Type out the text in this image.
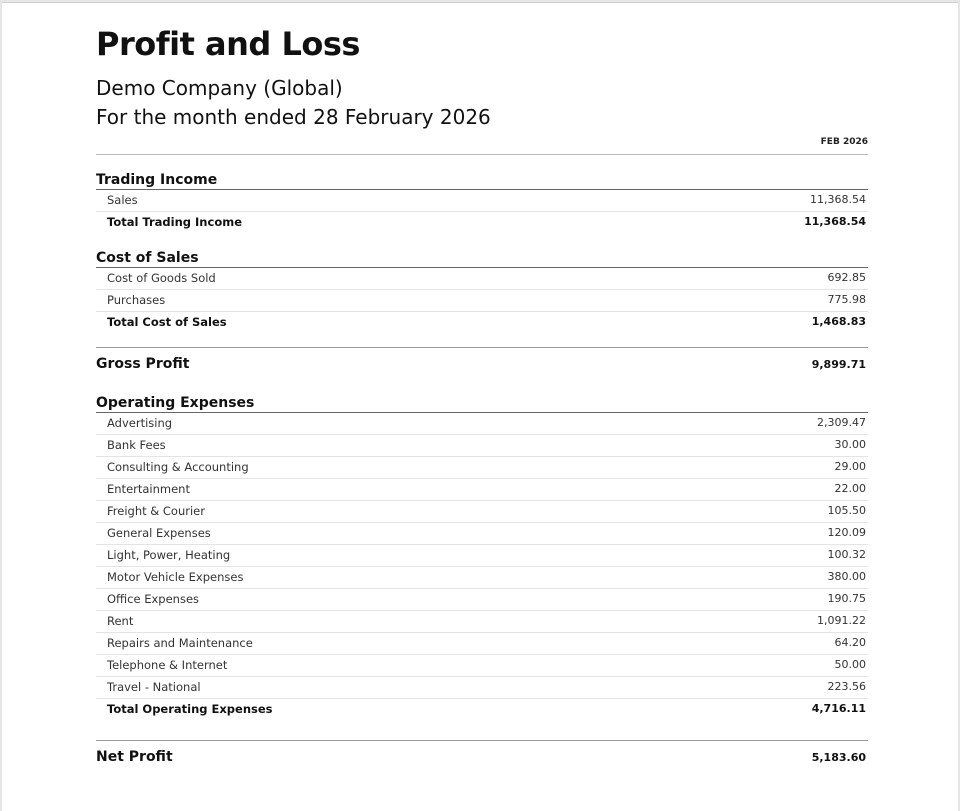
Profit and Loss
Demo Company (Global)
For the month ended 28 February 2026
FEB 2026
Trading Income
Sales	11,368.54
Total Trading Income	11,368.54
Cost of Sales
Cost of Goods Sold	692.85
Purchases	775.98
Total Cost of Sales	1,468.83
Gross Profit	9,899.71
Operating Expenses
Advertising	2,309.47
Bank Fees	30.00
Consulting & Accounting	29.00
Entertainment	22.00
Freight & Courier	105.50
General Expenses	120.09
Light, Power, Heating	100.32
Motor Vehicle Expenses	380.00
Office Expenses	190.75
Rent	1,091.22
Repairs and Maintenance	64.20
Telephone & Internet	50.00
Travel - National	223.56
Total Operating Expenses	4,716.11
Net Profit	5,183.60
